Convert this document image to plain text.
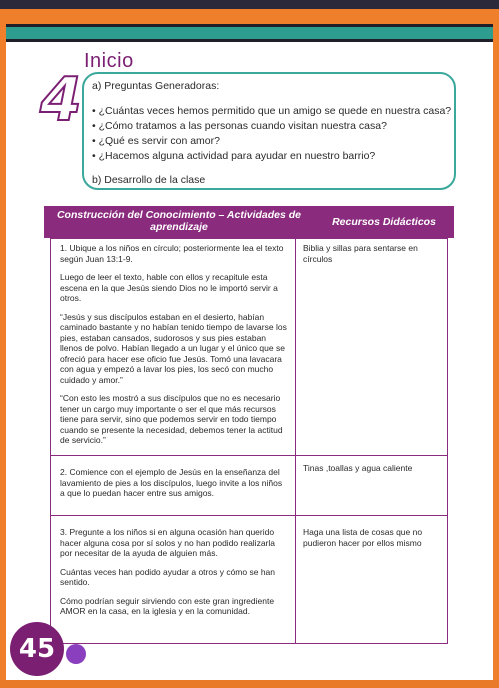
Inicio
4 a) Preguntas Generadoras:
• ¿Cuántas veces hemos permitido que un amigo se quede en nuestra casa?
• ¿Cómo tratamos a las personas cuando visitan nuestra casa?
• ¿Qué es servir con amor?
• ¿Hacemos alguna actividad para ayudar en nuestro barrio?
b) Desarrollo de la clase
Construcción del Conocimiento – Actividades de aprendizaje	Recursos Didácticos

1. Ubique a los niños en círculo; posteriormente lea el texto según Juan 13:1-9.

Luego de leer el texto, hable con ellos y recapitule esta escena en la que Jesús siendo Dios no le importó servir a otros.

“Jesús y sus discípulos estaban en el desierto, habían caminado bastante y no habían tenido tiempo de lavarse los pies, estaban cansados, sudorosos y sus pies estaban llenos de polvo. Habían llegado a un lugar y el único que se ofreció para hacer ese oficio fue Jesús. Tomó una lavacara con agua y empezó a lavar los pies, los secó con mucho cuidado y amor.”

“Con esto les mostró a sus discípulos que no es necesario tener un cargo muy importante o ser el que más recursos tiene para servir, sino que podemos servir en todo tiempo cuando se presente la necesidad, debemos tener la actitud de servicio.”

Biblia y sillas para sentarse en círculos

2. Comience con el ejemplo de Jesús en la enseñanza del lavamiento de pies a los discípulos, luego invite a los niños a que lo puedan hacer entre sus amigos.

Tinas ,toallas y agua caliente

3. Pregunte a los niños si en alguna ocasión han querido hacer alguna cosa por sí solos y no han podido realizarla por necesitar de la ayuda de alguien más.

Cuántas veces han podido ayudar a otros y cómo se han sentido.

Cómo podrían seguir sirviendo con este gran ingrediente AMOR en la casa, en la iglesia y en la comunidad.

Haga una lista de cosas que no pudieron hacer por ellos mismo
45
